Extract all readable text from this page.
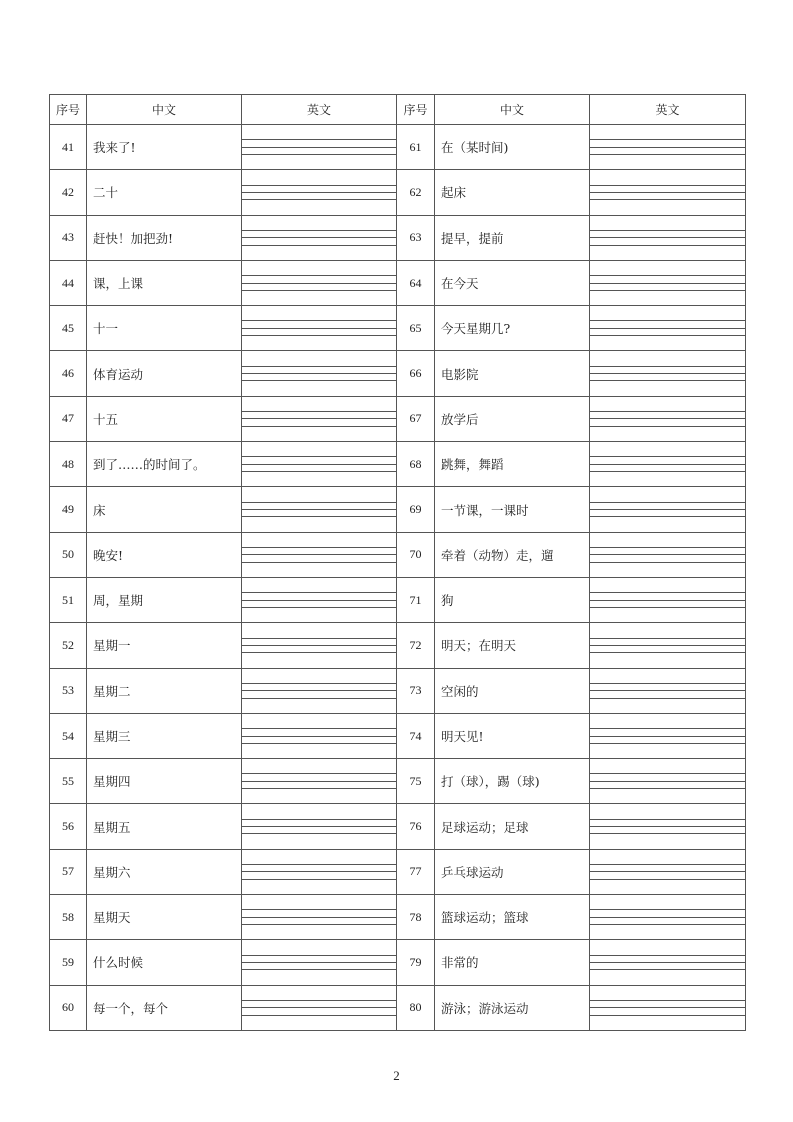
序号	中文	英文	序号	中文	英文
41	我来了!		61	在（某时间)	
42	二十		62	起床	
43	赶快！加把劲!		63	提早，提前	
44	课，上课		64	在今天	
45	十一		65	今天星期几?	
46	体育运动		66	电影院	
47	十五		67	放学后	
48	到了……的时间了。		68	跳舞，舞蹈	
49	床		69	一节课，一课时	
50	晚安!		70	牵着（动物）走，遛	
51	周，星期		71	狗	
52	星期一		72	明天；在明天	
53	星期二		73	空闲的	
54	星期三		74	明天见!	
55	星期四		75	打（球），踢（球)	
56	星期五		76	足球运动；足球	
57	星期六		77	乒乓球运动	
58	星期天		78	篮球运动；篮球	
59	什么时候		79	非常的	
60	每一个，每个		80	游泳；游泳运动	
2
